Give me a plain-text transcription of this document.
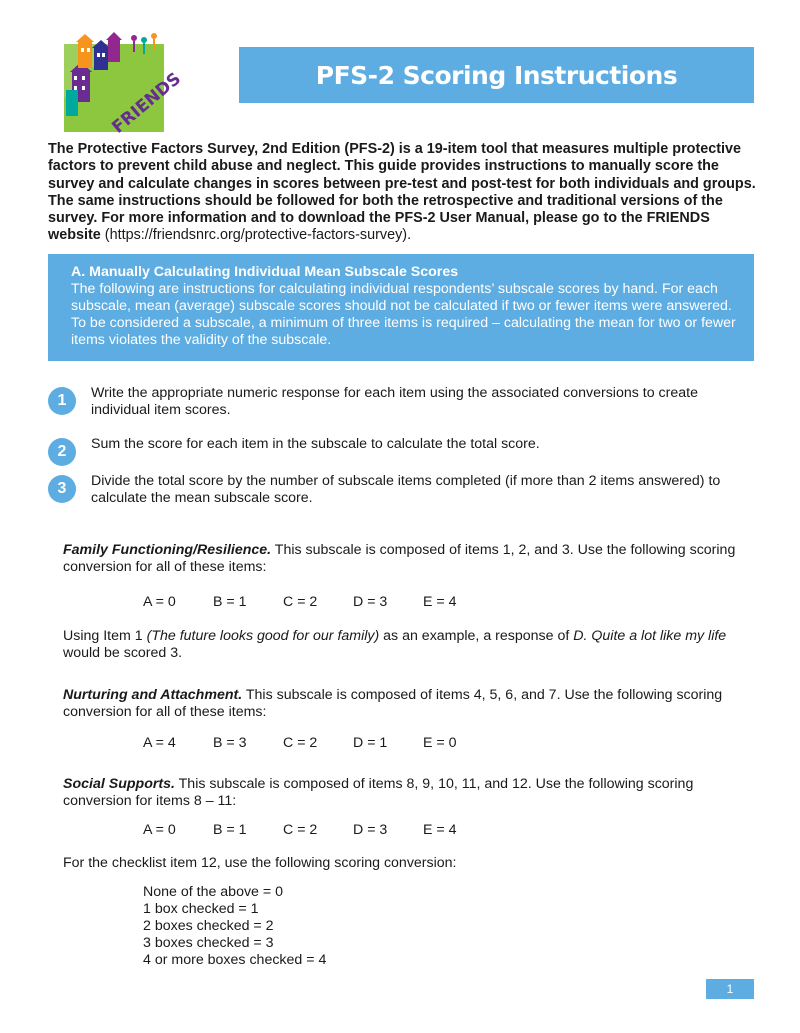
FRIENDS	PFS-2 Scoring Instructions
The Protective Factors Survey, 2nd Edition (PFS-2) is a 19-item tool that measures multiple protective factors to prevent child abuse and neglect. This guide provides instructions to manually score the survey and calculate changes in scores between pre-test and post-test for both individuals and groups. The same instructions should be followed for both the retrospective and traditional versions of the survey. For more information and to download the PFS-2 User Manual, please go to the FRIENDS website (https://friendsnrc.org/protective-factors-survey).
A. Manually Calculating Individual Mean Subscale Scores
The following are instructions for calculating individual respondents’ subscale scores by hand. For each subscale, mean (average) subscale scores should not be calculated if two or fewer items were answered. To be considered a subscale, a minimum of three items is required – calculating the mean for two or fewer items violates the validity of the subscale.
1	Write the appropriate numeric response for each item using the associated conversions to create individual item scores.
2	Sum the score for each item in the subscale to calculate the total score.
3	Divide the total score by the number of subscale items completed (if more than 2 items answered) to calculate the mean subscale score.
Family Functioning/Resilience. This subscale is composed of items 1, 2, and 3. Use the following scoring conversion for all of these items:
A = 0	B = 1	C = 2	D = 3	E = 4
Using Item 1 (The future looks good for our family) as an example, a response of D. Quite a lot like my life would be scored 3.
Nurturing and Attachment. This subscale is composed of items 4, 5, 6, and 7. Use the following scoring conversion for all of these items:
A = 4	B = 3	C = 2	D = 1	E = 0
Social Supports. This subscale is composed of items 8, 9, 10, 11, and 12. Use the following scoring conversion for items 8 – 11:
A = 0	B = 1	C = 2	D = 3	E = 4
For the checklist item 12, use the following scoring conversion:
None of the above = 0
1 box checked = 1
2 boxes checked = 2
3 boxes checked = 3
4 or more boxes checked = 4
1
